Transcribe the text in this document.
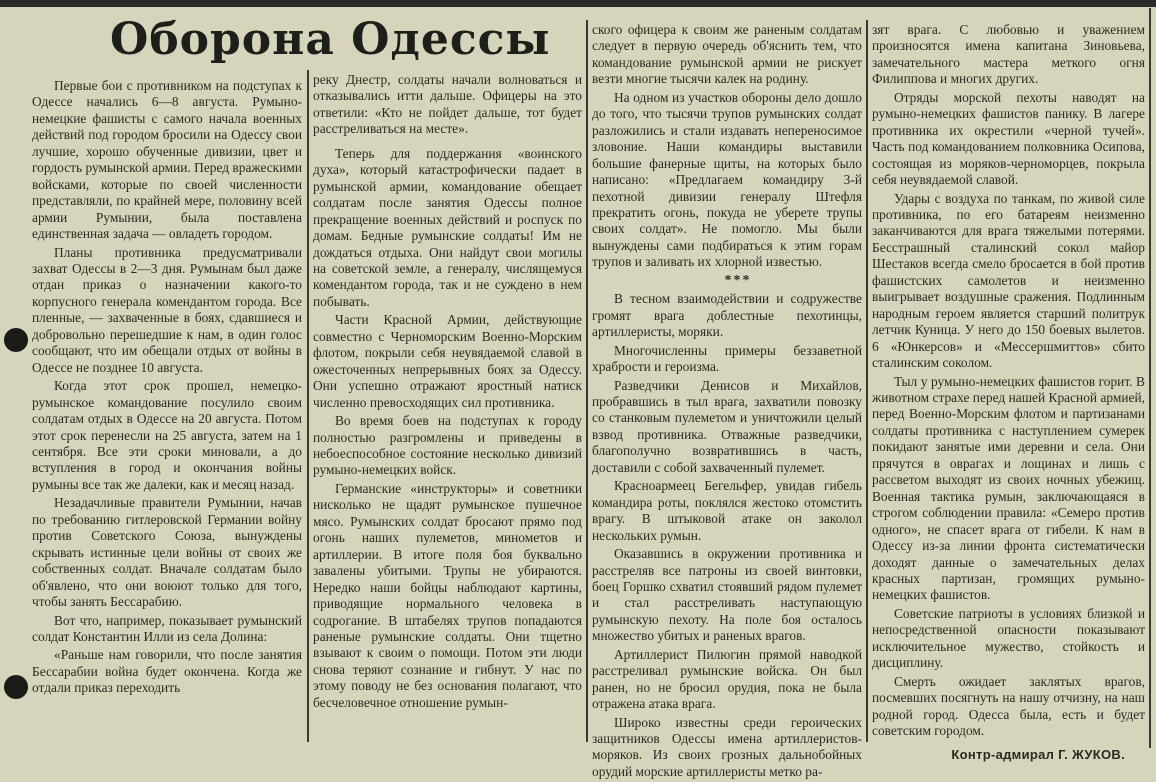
Оборона Одессы

Первые бои с противником на подступах к Одессе начались 6—8 августа. Румыно-немецкие фашисты с самого начала военных действий под городом бросили на Одессу свои лучшие, хорошо обученные дивизии, цвет и гордость румынской армии. Перед вражескими войсками, которые по своей численности представляли, по крайней мере, половину всей армии Румынии, была поставлена единственная задача — овладеть городом.

Планы противника предусматривали захват Одессы в 2—3 дня. Румынам был даже отдан приказ о назначении какого-то корпусного генерала комендантом города. Все пленные, — захваченные в боях, сдавшиеся и добровольно перешедшие к нам, в один голос сообщают, что им обещали отдых от войны в Одессе не позднее 10 августа.

Когда этот срок прошел, немецко-румынское командование посулило своим солдатам отдых в Одессе на 20 августа. Потом этот срок перенесли на 25 августа, затем на 1 сентября. Все эти сроки миновали, а до вступления в город и окончания войны румыны все так же далеки, как и месяц назад.

Незадачливые правители Румынии, начав по требованию гитлеровской Германии войну против Советского Союза, вынуждены скрывать истинные цели войны от своих же собственных солдат. Вначале солдатам было об'явлено, что они воюют только для того, чтобы занять Бессарабию.

Вот что, например, показывает румынский солдат Константин Илли из села Долина:

«Раньше нам говорили, что после занятия Бессарабии война будет окончена. Когда же отдали приказ переходить

реку Днестр, солдаты начали волноваться и отказывались итти дальше. Офицеры на это ответили: «Кто не пойдет дальше, тот будет расстреливаться на месте».

Теперь для поддержания «воинского духа», который катастрофически падает в румынской армии, командование обещает солдатам после занятия Одессы полное прекращение военных действий и роспуск по домам. Бедные румынские солдаты! Им не дождаться отдыха. Они найдут свои могилы на советской земле, а генералу, числящемуся комендантом города, так и не суждено в нем побывать.

Части Красной Армии, действующие совместно с Черноморским Военно-Морским флотом, покрыли себя неувядаемой славой в ожесточенных непрерывных боях за Одессу. Они успешно отражают яростный натиск численно превосходящих сил противника.

Во время боев на подступах к городу полностью разгромлены и приведены в небоеспособное состояние несколько дивизий румыно-немецких войск.

Германские «инструкторы» и советники нисколько не щадят румынское пушечное мясо. Румынских солдат бросают прямо под огонь наших пулеметов, минометов и артиллерии. В итоге поля боя буквально завалены убитыми. Трупы не убираются. Нередко наши бойцы наблюдают картины, приводящие нормального человека в содрогание. В штабелях трупов попадаются раненые румынские солдаты. Они тщетно взывают к своим о помощи. Потом эти люди снова теряют сознание и гибнут. У нас по этому поводу не без основания полагают, что бесчеловечное отношение румын-

ского офицера к своим же раненым солдатам следует в первую очередь об'яснить тем, что командование румынской армии не рискует везти многие тысячи калек на родину.

На одном из участков обороны дело дошло до того, что тысячи трупов румынских солдат разложились и стали издавать непереносимое зловоние. Наши командиры выставили большие фанерные щиты, на которых было написано: «Предлагаем командиру 3-й пехотной дивизии генералу Штефля прекратить огонь, покуда не уберете трупы своих солдат». Не помогло. Мы были вынуждены сами подбираться к этим горам трупов и заливать их хлорной известью.

***

В тесном взаимодействии и содружестве громят врага доблестные пехотинцы, артиллеристы, моряки.

Многочисленны примеры беззаветной храбрости и героизма.

Разведчики Денисов и Михайлов, пробравшись в тыл врага, захватили повозку со станковым пулеметом и уничтожили целый взвод противника. Отважные разведчики, благополучно возвратившись в часть, доставили с собой захваченный пулемет.

Красноармеец Бегельфер, увидав гибель командира роты, поклялся жестоко отомстить врагу. В штыковой атаке он заколол нескольких румын.

Оказавшись в окружении противника и расстреляв все патроны из своей винтовки, боец Горшко схватил стоявший рядом пулемет и стал расстреливать наступающую румынскую пехоту. На поле боя осталось множество убитых и раненых врагов.

Артиллерист Пилюгин прямой наводкой расстреливал румынские войска. Он был ранен, но не бросил орудия, пока не была отражена атака врага.

Широко известны среди героических защитников Одессы имена артиллеристов-моряков. Из своих грозных дальнобойных орудий морские артиллеристы метко ра-

зят врага. С любовью и уважением произносятся имена капитана Зиновьева, замечательного мастера меткого огня Филиппова и многих других.

Отряды морской пехоты наводят на румыно-немецких фашистов панику. В лагере противника их окрестили «черной тучей». Часть под командованием полковника Осипова, состоящая из моряков-черноморцев, покрыла себя неувядаемой славой.

Удары с воздуха по танкам, по живой силе противника, по его батареям неизменно заканчиваются для врага тяжелыми потерями. Бесстрашный сталинский сокол майор Шестаков всегда смело бросается в бой против фашистских самолетов и неизменно выигрывает воздушные сражения. Подлинным народным героем является старший политрук летчик Куница. У него до 150 боевых вылетов. 6 «Юнкерсов» и «Мессершмиттов» сбито сталинским соколом.

Тыл у румыно-немецких фашистов горит. В животном страхе перед нашей Красной армией, перед Военно-Морским флотом и партизанами солдаты противника с наступлением сумерек покидают занятые ими деревни и села. Они прячутся в оврагах и лощинах и лишь с рассветом выходят из своих ночных убежищ. Военная тактика румын, заключающаяся в строгом соблюдении правила: «Семеро против одного», не спасет врага от гибели. К нам в Одессу из-за линии фронта систематически доходят данные о замечательных делах красных партизан, громящих румыно-немецких фашистов.

Советские патриоты в условиях близкой и непосредственной опасности показывают исключительное мужество, стойкость и дисциплину.

Смерть ожидает заклятых врагов, посмевших посягнуть на нашу отчизну, на наш родной город. Одесса была, есть и будет советским городом.

Контр-адмирал Г. ЖУКОВ.
